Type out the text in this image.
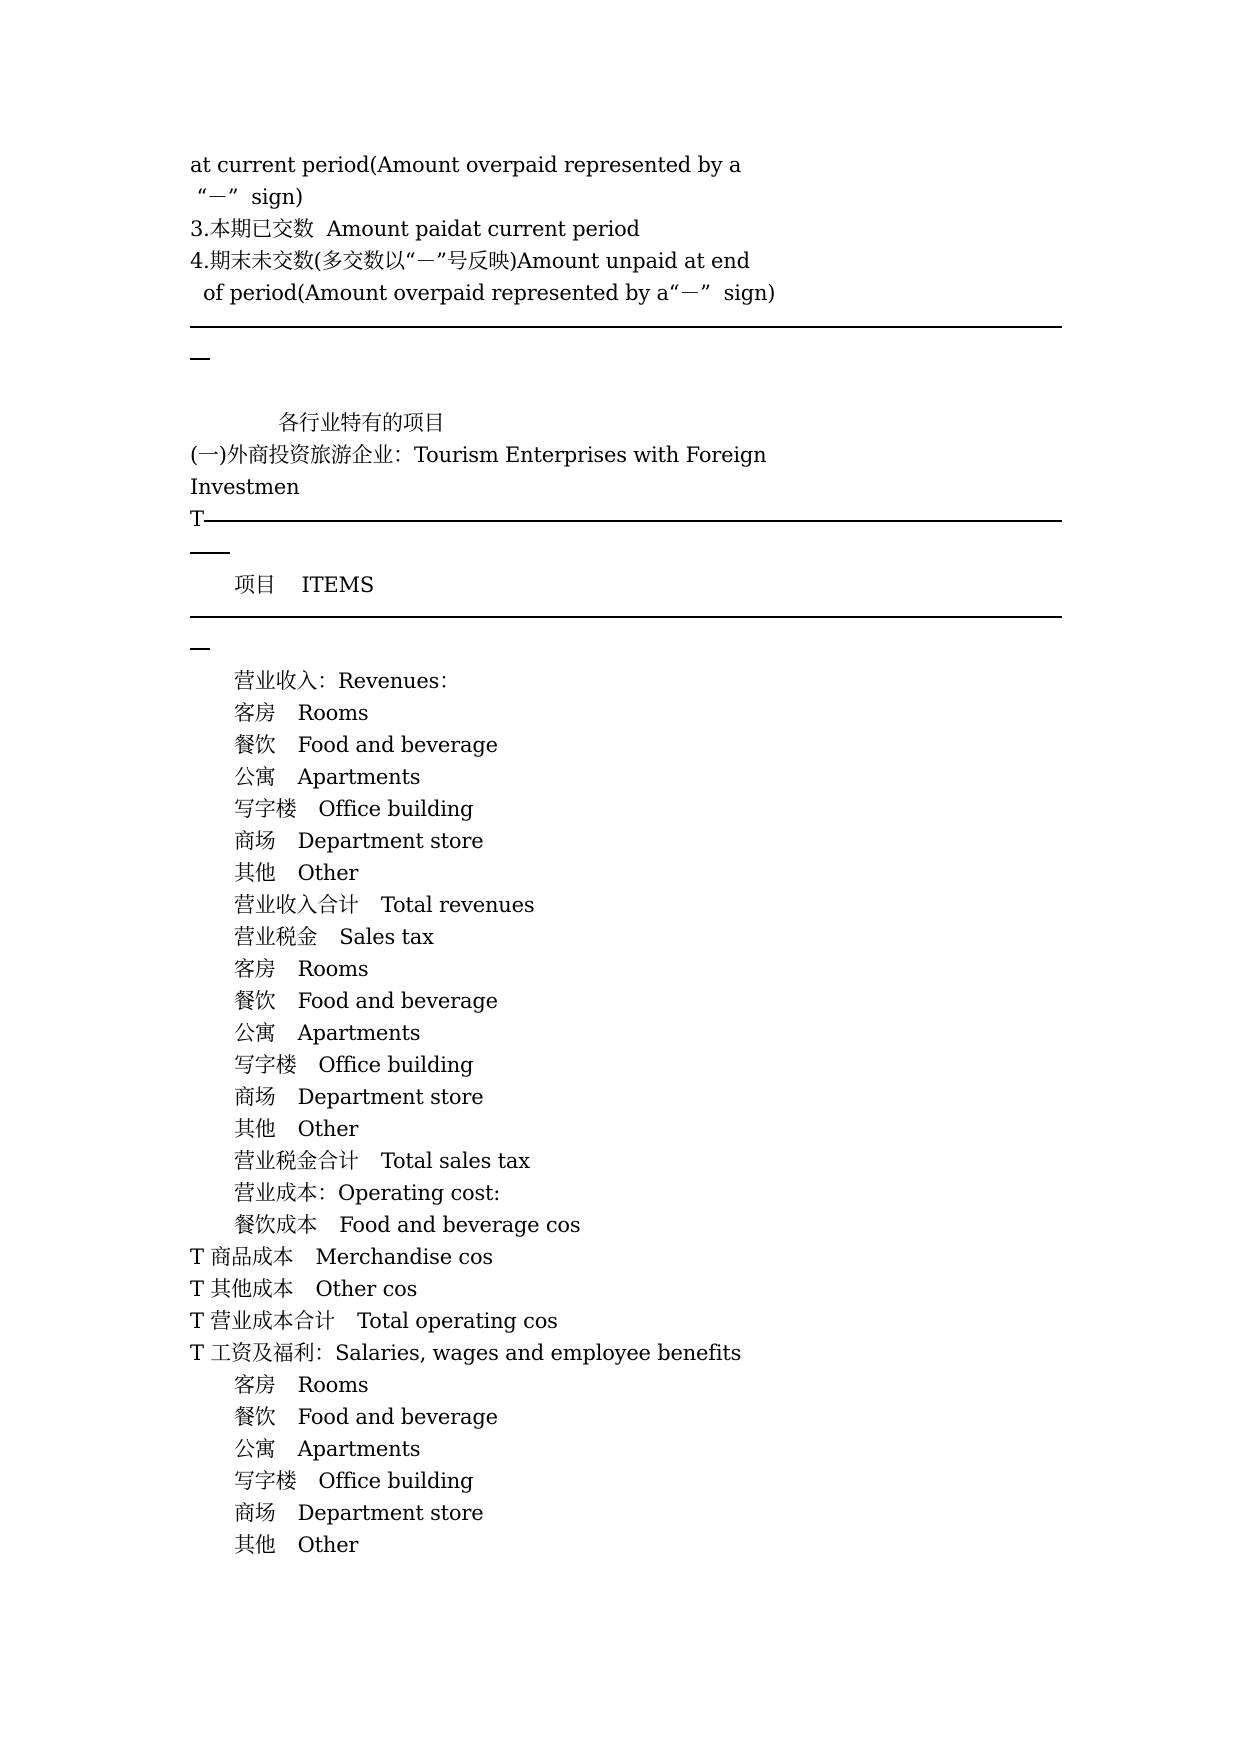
at current period(Amount overpaid represented by a
“－”  sign)
3.本期已交数  Amount paidat current period
4.期末未交数(多交数以“－”号反映)Amount unpaid at end
of period(Amount overpaid represented by a“－”  sign)
各行业特有的项目
(一)外商投资旅游企业：Tourism Enterprises with Foreign
Investmen
T
项目    ITEMS
营业收入：Revenues：
客房 Rooms
餐饮 Food and beverage
公寓 Apartments
写字楼 Office building
商场 Department store
其他 Other
营业收入合计 Total revenues
营业税金 Sales tax
客房 Rooms
餐饮 Food and beverage
公寓 Apartments
写字楼 Office building
商场 Department store
其他 Other
营业税金合计 Total sales tax
营业成本：Operating cost:
餐饮成本 Food and beverage cos
T 商品成本 Merchandise cos
T 其他成本 Other cos
T 营业成本合计 Total operating cos
T 工资及福利：Salaries, wages and employee benefits
客房 Rooms
餐饮 Food and beverage
公寓 Apartments
写字楼 Office building
商场 Department store
其他 Other
